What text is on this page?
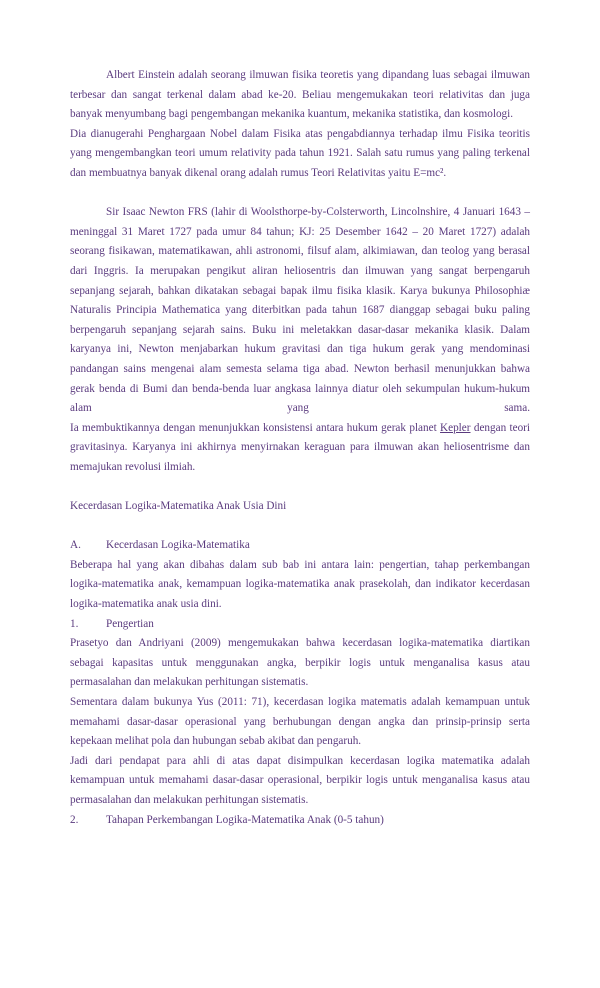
Albert Einstein adalah seorang ilmuwan fisika teoretis yang dipandang luas sebagai ilmuwan terbesar dan sangat terkenal dalam abad ke-20. Beliau mengemukakan teori relativitas dan juga banyak menyumbang bagi pengembangan mekanika kuantum, mekanika statistika, dan kosmologi.

Dia dianugerahi Penghargaan Nobel dalam Fisika atas pengabdiannya terhadap ilmu Fisika teoritis yang mengembangkan teori umum relativity pada tahun 1921. Salah satu rumus yang paling terkenal dan membuatnya banyak dikenal orang adalah rumus Teori Relativitas yaitu E=mc².

Sir Isaac Newton FRS (lahir di Woolsthorpe-by-Colsterworth, Lincolnshire, 4 Januari 1643 – meninggal 31 Maret 1727 pada umur 84 tahun; KJ: 25 Desember 1642 – 20 Maret 1727) adalah seorang fisikawan, matematikawan, ahli astronomi, filsuf alam, alkimiawan, dan teolog yang berasal dari Inggris. Ia merupakan pengikut aliran heliosentris dan ilmuwan yang sangat berpengaruh sepanjang sejarah, bahkan dikatakan sebagai bapak ilmu fisika klasik. Karya bukunya Philosophiæ Naturalis Principia Mathematica yang diterbitkan pada tahun 1687 dianggap sebagai buku paling berpengaruh sepanjang sejarah sains. Buku ini meletakkan dasar-dasar mekanika klasik. Dalam karyanya ini, Newton menjabarkan hukum gravitasi dan tiga hukum gerak yang mendominasi pandangan sains mengenai alam semesta selama tiga abad. Newton berhasil menunjukkan bahwa gerak benda di Bumi dan benda-benda luar angkasa lainnya diatur oleh sekumpulan hukum-hukum alam yang sama.

Ia membuktikannya dengan menunjukkan konsistensi antara hukum gerak planet Kepler dengan teori gravitasinya. Karyanya ini akhirnya menyirnakan keraguan para ilmuwan akan heliosentrisme dan memajukan revolusi ilmiah.

Kecerdasan Logika-Matematika Anak Usia Dini

A. Kecerdasan Logika-Matematika

Beberapa hal yang akan dibahas dalam sub bab ini antara lain: pengertian, tahap perkembangan logika-matematika anak, kemampuan logika-matematika anak prasekolah, dan indikator kecerdasan logika-matematika anak usia dini.

1. Pengertian

Prasetyo dan Andriyani (2009) mengemukakan bahwa kecerdasan logika-matematika diartikan sebagai kapasitas untuk menggunakan angka, berpikir logis untuk menganalisa kasus atau permasalahan dan melakukan perhitungan sistematis.

Sementara dalam bukunya Yus (2011: 71), kecerdasan logika matematis adalah kemampuan untuk memahami dasar-dasar operasional yang berhubungan dengan angka dan prinsip-prinsip serta kepekaan melihat pola dan hubungan sebab akibat dan pengaruh.

Jadi dari pendapat para ahli di atas dapat disimpulkan kecerdasan logika matematika adalah kemampuan untuk memahami dasar-dasar operasional, berpikir logis untuk menganalisa kasus atau permasalahan dan melakukan perhitungan sistematis.

2. Tahapan Perkembangan Logika-Matematika Anak (0-5 tahun)
